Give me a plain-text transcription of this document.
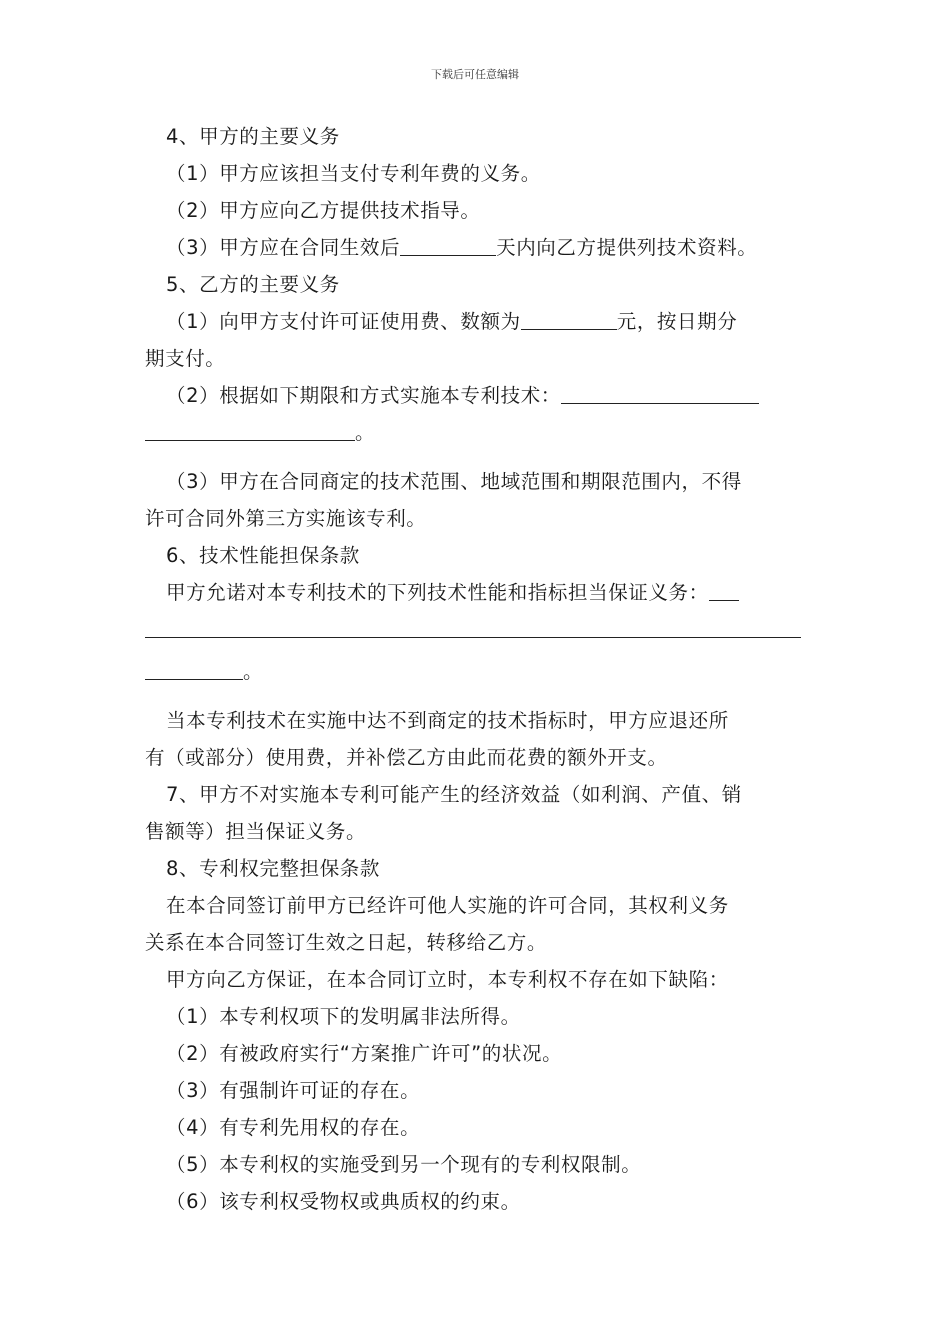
下载后可任意编辑

4、甲方的主要义务

（1）甲方应该担当支付专利年费的义务。

（2）甲方应向乙方提供技术指导。

（3）甲方应在合同生效后	天内向乙方提供列技术资料。

5、乙方的主要义务

（1）向甲方支付许可证使用费、数额为	元，按日期分

期支付。

（2）根据如下期限和方式实施本专利技术：

。

（3）甲方在合同商定的技术范围、地域范围和期限范围内，不得

许可合同外第三方实施该专利。

6、技术性能担保条款

甲方允诺对本专利技术的下列技术性能和指标担当保证义务：

。

当本专利技术在实施中达不到商定的技术指标时，甲方应退还所

有（或部分）使用费，并补偿乙方由此而花费的额外开支。

7、甲方不对实施本专利可能产生的经济效益（如利润、产值、销

售额等）担当保证义务。

8、专利权完整担保条款

在本合同签订前甲方已经许可他人实施的许可合同，其权利义务

关系在本合同签订生效之日起，转移给乙方。

甲方向乙方保证，在本合同订立时，本专利权不存在如下缺陷：

（1）本专利权项下的发明属非法所得。

（2）有被政府实行“方案推广许可”的状况。

（3）有强制许可证的存在。

（4）有专利先用权的存在。

（5）本专利权的实施受到另一个现有的专利权限制。

（6）该专利权受物权或典质权的约束。
